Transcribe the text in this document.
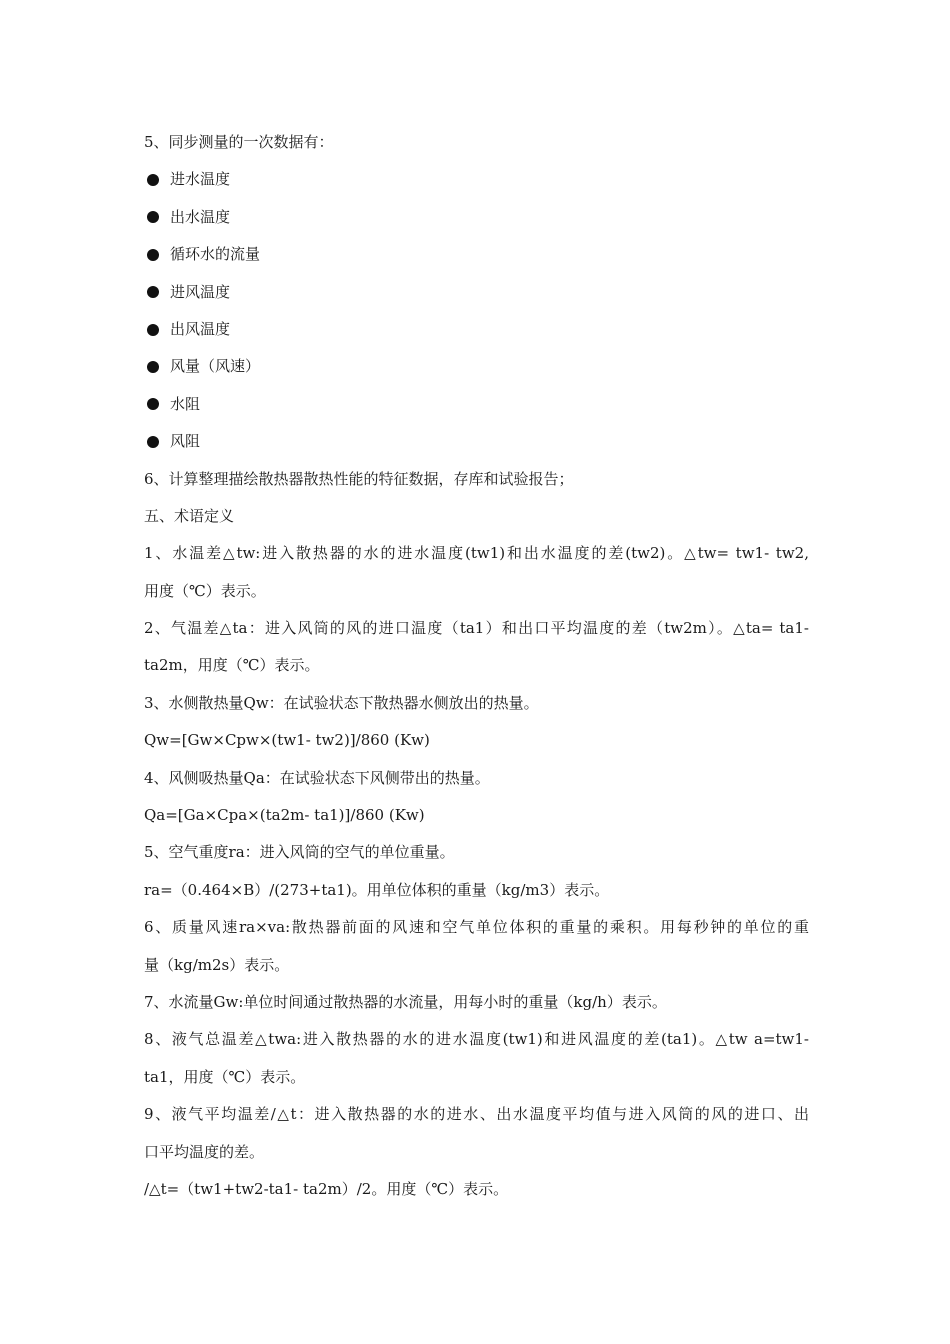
5、同步测量的一次数据有：
进水温度
出水温度
循环水的流量
进风温度
出风温度
风量（风速）
水阻
风阻
6、计算整理描绘散热器散热性能的特征数据，存库和试验报告；
五、术语定义
1、水温差△tw:进入散热器的水的进水温度(tw1)和出水温度的差(tw2)。△tw= tw1- tw2,
用度（℃）表示。
2、气温差△ta：进入风筒的风的进口温度（ta1）和出口平均温度的差（tw2m）。△ta= ta1-
ta2m，用度（℃）表示。
3、水侧散热量Qw：在试验状态下散热器水侧放出的热量。
Qw=[Gw×Cpw×(tw1- tw2)]/860 (Kw)
4、风侧吸热量Qa：在试验状态下风侧带出的热量。
Qa=[Ga×Cpa×(ta2m- ta1)]/860 (Kw)
5、空气重度ra：进入风筒的空气的单位重量。
ra=（0.464×B）/(273+ta1)。用单位体积的重量（kg/m3）表示。
6、质量风速ra×va:散热器前面的风速和空气单位体积的重量的乘积。用每秒钟的单位的重
量（kg/m2s）表示。
7、水流量Gw:单位时间通过散热器的水流量，用每小时的重量（kg/h）表示。
8、液气总温差△twa:进入散热器的水的进水温度(tw1)和进风温度的差(ta1)。△tw a=tw1-
ta1，用度（℃）表示。
9、液气平均温差/△t：进入散热器的水的进水、出水温度平均值与进入风筒的风的进口、出
口平均温度的差。
/△t=（tw1+tw2-ta1- ta2m）/2。用度（℃）表示。
